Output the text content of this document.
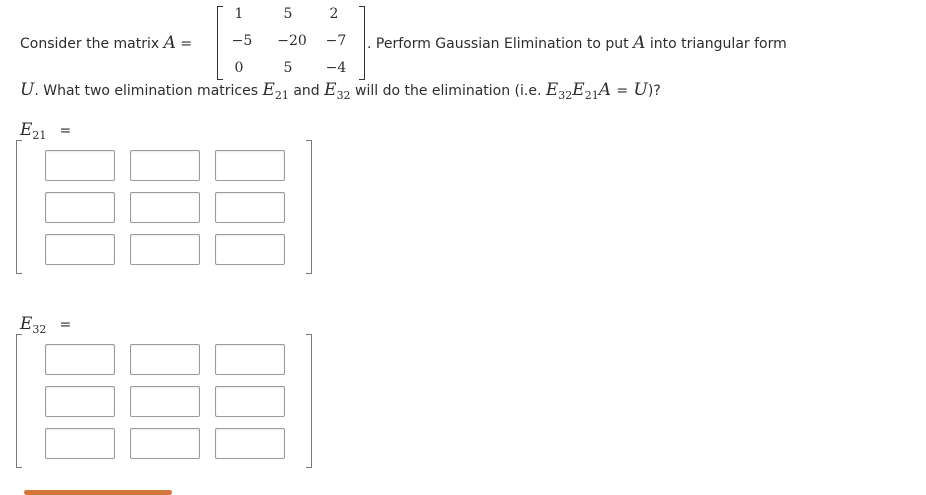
Consider the matrix A =
1	5	2
−5	−20	−7
0	5	−4
. Perform Gaussian Elimination to put A into triangular form
U. What two elimination matrices $E_{21}$ and $E_{32}$ will do the elimination (i.e. $E_{32}E_{21}A = U$)?
$E_{21}$ =
$E_{32}$ =
